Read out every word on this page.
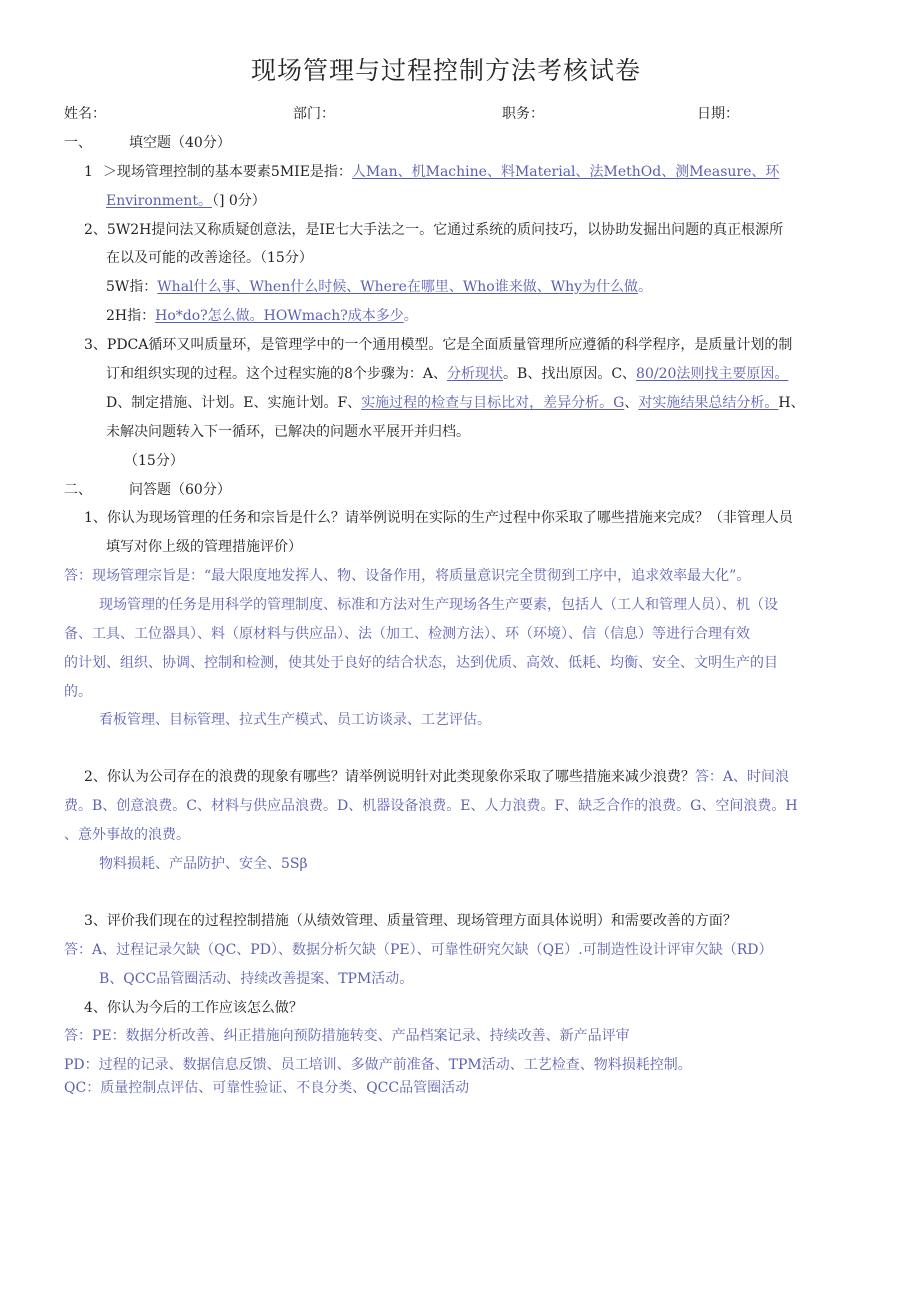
现场管理与过程控制方法考核试卷
姓名：	部门：	职务：	日期：
一、	填空题（40分）
1 ＞现场管理控制的基本要素5MIE是指：人Man、机Machine、料Material、法MethOd、测Measure、环
Environment。（] 0分）
2、5W2H提问法又称质疑创意法，是IE七大手法之一。它通过系统的质问技巧，以协助发掘出问题的真正根源所
在以及可能的改善途径。（15分）
5W指：Whal什么事、When什么时候、Where在哪里、Who谁来做、Why为什么做。
2H指：Ho*do?怎么做。HOWmach?成本多少。
3、PDCA循环又叫质量环，是管理学中的一个通用模型。它是全面质量管理所应遵循的科学程序，是质量计划的制
订和组织实现的过程。这个过程实施的8个步骤为：A、分析现状。B、找出原因。C、80/20法则找主要原因。
D、制定措施、计划。E、实施计划。F、实施过程的检查与目标比对，差异分析。G、对实施结果总结分析。H、
未解决问题转入下一循环，已解决的问题水平展开并归档。
（15分）
二、	问答题（60分）
1、你认为现场管理的任务和宗旨是什么？请举例说明在实际的生产过程中你采取了哪些措施来完成？（非管理人员
填写对你上级的管理措施评价）
答：现场管理宗旨是：“最大限度地发挥人、物、设备作用，将质量意识完全贯彻到工序中，追求效率最大化”。
现场管理的任务是用科学的管理制度、标准和方法对生产现场各生产要素，包括人（工人和管理人员）、机（设
备、工具、工位器具）、料（原材料与供应品）、法（加工、检测方法）、环（环境）、信（信息）等进行合理有效
的计划、组织、协调、控制和检测，使其处于良好的结合状态，达到优质、高效、低耗、均衡、安全、文明生产的目
的。
看板管理、目标管理、拉式生产模式、员工访谈录、工艺评估。
2、你认为公司存在的浪费的现象有哪些？请举例说明针对此类现象你采取了哪些措施来减少浪费？答：A、时间浪
费。B、创意浪费。C、材料与供应品浪费。D、机器设备浪费。E、人力浪费。F、缺乏合作的浪费。G、空间浪费。H
、意外事故的浪费。
物料损耗、产品防护、安全、5Sβ
3、评价我们现在的过程控制措施（从绩效管理、质量管理、现场管理方面具体说明）和需要改善的方面？
答：A、过程记录欠缺（QC、PD）、数据分析欠缺（PE）、可靠性研究欠缺（QE）.可制造性设计评审欠缺（RD）
B、QCC品管圈活动、持续改善提案、TPM活动。
4、你认为今后的工作应该怎么做？
答：PE：数据分析改善、纠正措施向预防措施转变、产品档案记录、持续改善、新产品评审
PD：过程的记录、数据信息反馈、员工培训、多做产前准备、TPM活动、工艺检查、物料损耗控制。
QC：质量控制点评估、可靠性验证、不良分类、QCC品管圈活动
